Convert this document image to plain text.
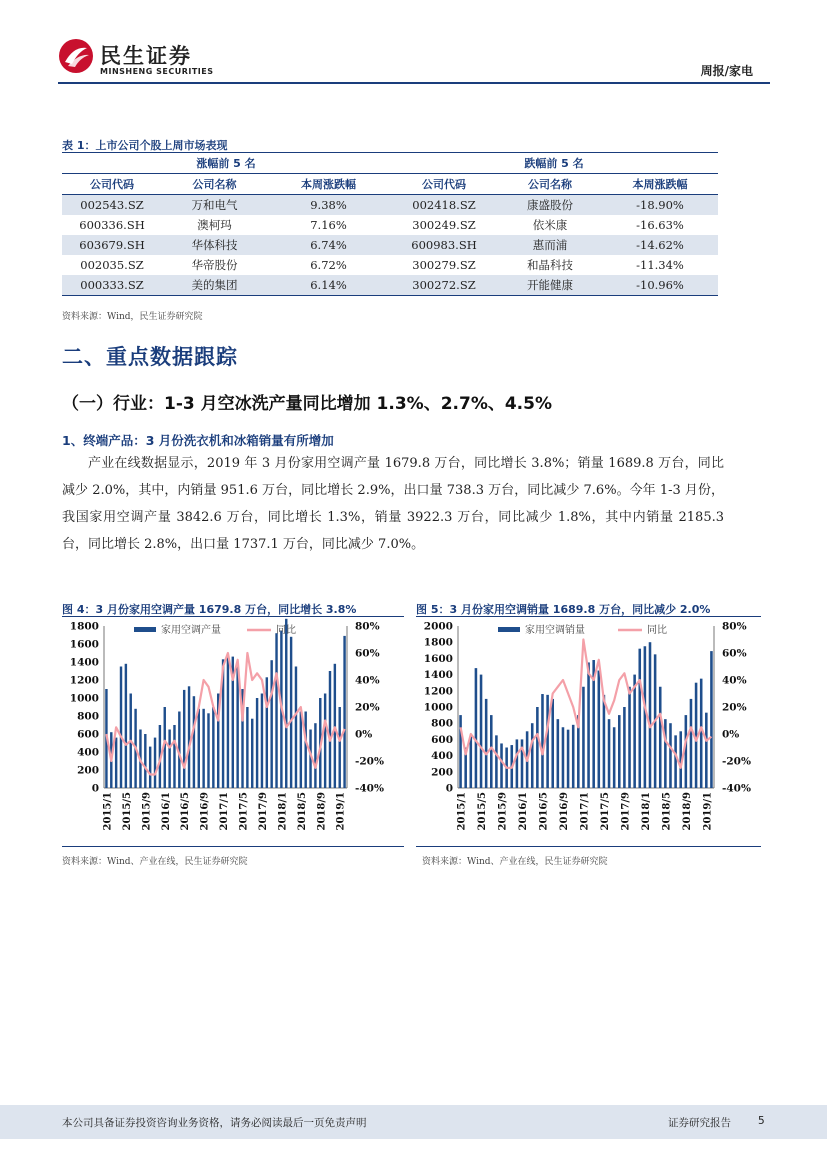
民生证券
MINSHENG SECURITIES	周报/家电
表 1：上市公司个股上周市场表现
涨幅前 5 名			跌幅前 5 名		
公司代码	公司名称	本周涨跌幅	公司代码	公司名称	本周涨跌幅
002543.SZ	万和电气	9.38%	002418.SZ	康盛股份	-18.90%
600336.SH	澳柯玛	7.16%	300249.SZ	依米康	-16.63%
603679.SH	华体科技	6.74%	600983.SH	惠而浦	-14.62%
002035.SZ	华帝股份	6.72%	300279.SZ	和晶科技	-11.34%
000333.SZ	美的集团	6.14%	300272.SZ	开能健康	-10.96%
资料来源：Wind，民生证券研究院
二、重点数据跟踪
（一）行业：1-3 月空冰洗产量同比增加 1.3%、2.7%、4.5%
1、终端产品：3 月份洗衣机和冰箱销量有所增加
产业在线数据显示，2019 年 3 月份家用空调产量 1679.8 万台，同比增长 3.8%；销量 1689.8 万台，同比减少 2.0%，其中，内销量 951.6 万台，同比增长 2.9%，出口量 738.3 万台，同比减少 7.6%。今年 1-3 月份，我国家用空调产量 3842.6 万台，同比增长 1.3%，销量 3922.3 万台，同比减少 1.8%，其中内销量 2185.3 台，同比增长 2.8%，出口量 1737.1 万台，同比减少 7.0%。
图 4：3 月份家用空调产量 1679.8 万台，同比增长 3.8%
0
200
400
600
800
1000
1200
1400
1600
1800
-40%
-20%
0%
20%
40%
60%
80%
2015/1 2015/5 2015/9 2016/1 2016/5 2016/9 2017/1 2017/5 2017/9 2018/1 2018/5 2018/9 2019/1
家用空调产量	同比
资料来源：Wind、产业在线，民生证券研究院
图 5：3 月份家用空调销量 1689.8 万台，同比减少 2.0%
0
200
400
600
800
1000
1200
1400
1600
1800
2000
-40%
-20%
0%
20%
40%
60%
80%
2015/1 2015/5 2015/9 2016/1 2016/5 2016/9 2017/1 2017/5 2017/9 2018/1 2018/5 2018/9 2019/1
家用空调销量	同比
资料来源：Wind、产业在线，民生证券研究院
本公司具备证券投资咨询业务资格，请务必阅读最后一页免责声明	证券研究报告	5
